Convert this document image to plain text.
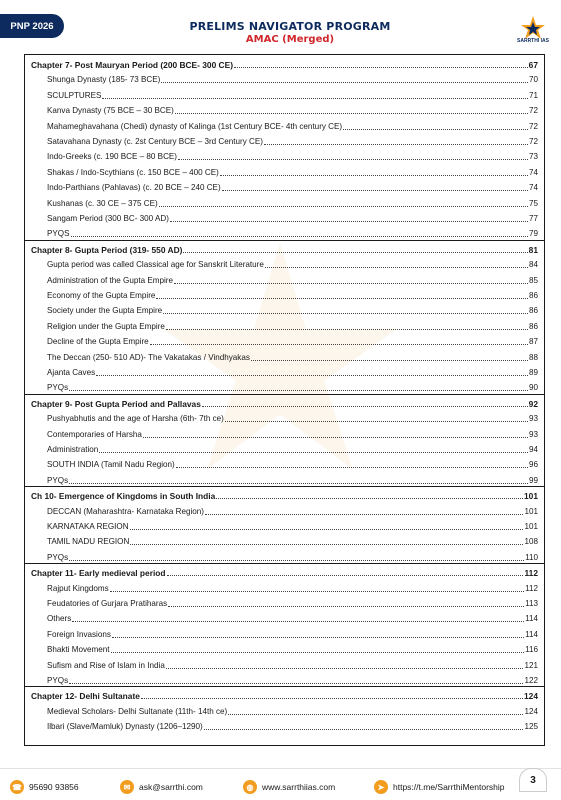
PNP 2026	PRELIMS NAVIGATOR PROGRAM
AMAC (Merged)	SARRTHI IAS
Chapter 7- Post Mauryan Period (200 BCE- 300 CE)	67
Shunga Dynasty (185- 73 BCE)	70
SCULPTURES	71
Kanva Dynasty (75 BCE – 30 BCE)	72
Mahameghavahana (Chedi) dynasty of Kalinga (1st Century BCE- 4th century CE)	72
Satavahana Dynasty (c. 2st Century BCE – 3rd Century CE)	72
Indo-Greeks (c. 190 BCE – 80 BCE)	73
Shakas / Indo-Scythians (c. 150 BCE – 400 CE)	74
Indo-Parthians (Pahlavas) (c. 20 BCE – 240 CE)	74
Kushanas (c. 30 CE – 375 CE)	75
Sangam Period (300 BC- 300 AD)	77
PYQS	79
Chapter 8- Gupta Period (319- 550 AD)	81
Gupta period was called Classical age for Sanskrit Literature	84
Administration of the Gupta Empire	85
Economy of the Gupta Empire	86
Society under the Gupta Empire	86
Religion under the Gupta Empire	86
Decline of the Gupta Empire	87
The Deccan (250- 510 AD)- The Vakatakas / Vindhyakas	88
Ajanta Caves	89
PYQs	90
Chapter 9- Post Gupta Period and Pallavas	92
Pushyabhutis and the age of Harsha (6th- 7th ce)	93
Contemporaries of Harsha	93
Administration	94
SOUTH INDIA (Tamil Nadu Region)	96
PYQs	99
Ch 10- Emergence of Kingdoms in South India	101
DECCAN (Maharashtra- Karnataka Region)	101
KARNATAKA REGION	101
TAMIL NADU REGION	108
PYQs	110
Chapter 11- Early medieval period	112
Rajput Kingdoms	112
Feudatories of Gurjara Pratiharas	113
Others	114
Foreign Invasions	114
Bhakti Movement	116
Sufism and Rise of Islam in India	121
PYQs	122
Chapter 12- Delhi Sultanate	124
Medieval Scholars- Delhi Sultanate (11th- 14th ce)	124
Ilbari (Slave/Mamluk) Dynasty (1206–1290)	125
☎ 95690 93856	✉	ask@sarrthi.com	◍	www.sarrthiias.com	➤	https://t.me/SarrthiMentorship
3
